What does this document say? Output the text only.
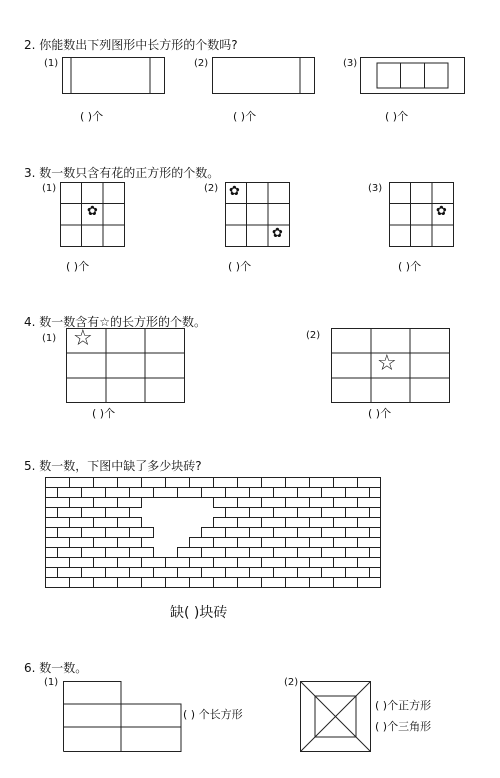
2. 你能数出下列图形中长方形的个数吗?
(1)
( )个
(2)
( )个
(3)
( )个
3. 数一数只含有花的正方形的个数。
(1)
✿
( )个
(2) ✿
✿
( )个
(3)
✿
( )个
4. 数一数含有☆的长方形的个数。
(1) ☆
( )个
(2)
☆
( )个
5. 数一数，下图中缺了多少块砖?
缺( )块砖
6. 数一数。
(1)
( ) 个长方形
(2)
( )个正方形
( )个三角形
